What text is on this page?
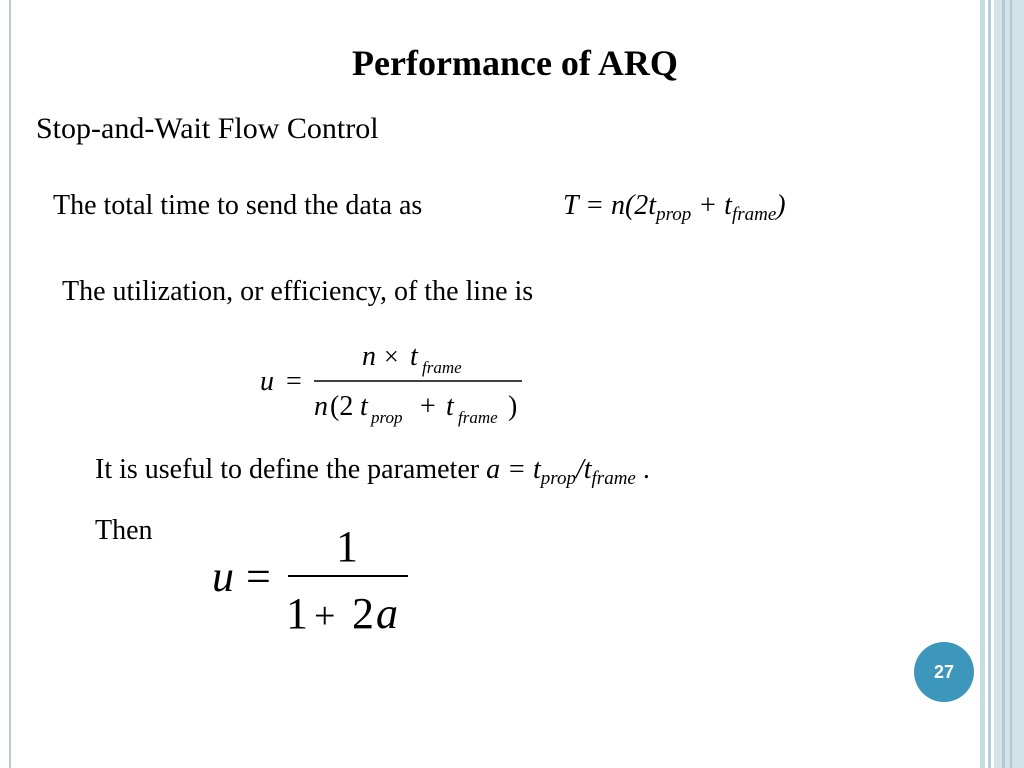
Performance of ARQ
Stop-and-Wait Flow Control
The total time to send the data as	$T = n(2t_{prop} + t_{frame})$
The utilization, or efficiency, of the line is
u =
n × t frame
n (2 t prop + t frame )
It is useful to define the parameter $a = t_{prop}/t_{frame}$ .
Then
u =
1
1 + 2 a
27
